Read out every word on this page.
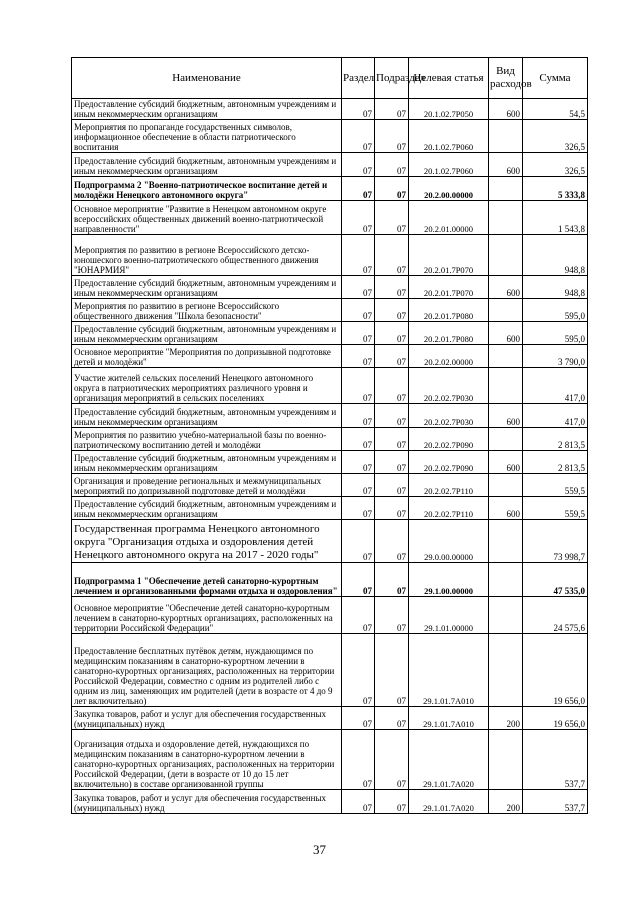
Наименование	Раздел	Подраздел	Целевая статья	Вид расходов	Сумма
Предоставление субсидий бюджетным, автономным учреждениям и иным некоммерческим организациям	07	07	20.1.02.7P050	600	54,5
Мероприятия по пропаганде государственных символов, информационное обеспечение в области патриотического воспитания	07	07	20.1.02.7P060		326,5
Предоставление субсидий бюджетным, автономным учреждениям и иным некоммерческим организациям	07	07	20.1.02.7P060	600	326,5
Подпрограмма 2 "Военно-патриотическое воспитание детей и молодёжи Ненецкого автономного округа"	07	07	20.2.00.00000		5 333,8
Основное мероприятие "Развитие в Ненецком автономном округе всероссийских общественных движений военно-патриотической направленности"	07	07	20.2.01.00000		1 543,8
Мероприятия по развитию в регионе Всероссийского детско-юношеского военно-патриотического общественного движения "ЮНАРМИЯ"	07	07	20.2.01.7P070		948,8
Предоставление субсидий бюджетным, автономным учреждениям и иным некоммерческим организациям	07	07	20.2.01.7P070	600	948,8
Мероприятия по развитию в регионе Всероссийского общественного движения "Школа безопасности"	07	07	20.2.01.7P080		595,0
Предоставление субсидий бюджетным, автономным учреждениям и иным некоммерческим организациям	07	07	20.2.01.7P080	600	595,0
Основное мероприятие "Мероприятия по допризывной подготовке детей и молодёжи"	07	07	20.2.02.00000		3 790,0
Участие жителей сельских поселений Ненецкого автономного округа в патриотических мероприятиях различного уровня и организация мероприятий в сельских поселениях	07	07	20.2.02.7P030		417,0
Предоставление субсидий бюджетным, автономным учреждениям и иным некоммерческим организациям	07	07	20.2.02.7P030	600	417,0
Мероприятия по развитию учебно-материальной базы по военно-патриотическому воспитанию детей и молодёжи	07	07	20.2.02.7P090		2 813,5
Предоставление субсидий бюджетным, автономным учреждениям и иным некоммерческим организациям	07	07	20.2.02.7P090	600	2 813,5
Организация и проведение региональных и межмуниципальных мероприятий по допризывной подготовке детей и молодёжи	07	07	20.2.02.7P110		559,5
Предоставление субсидий бюджетным, автономным учреждениям и иным некоммерческим организациям	07	07	20.2.02.7P110	600	559,5
Государственная программа Ненецкого автономного округа "Организация отдыха и оздоровления детей Ненецкого автономного округа на 2017 - 2020 годы"	07	07	29.0.00.00000		73 998,7
Подпрограмма 1 "Обеспечение детей санаторно-курортным лечением и организованными формами отдыха и оздоровления"	07	07	29.1.00.00000		47 535,0
Основное мероприятие "Обеспечение детей санаторно-курортным лечением в санаторно-курортных организациях, расположенных на территории Российской Федерации"	07	07	29.1.01.00000		24 575,6
Предоставление бесплатных путёвок детям, нуждающимся по медицинским показаниям в санаторно-курортном лечении в санаторно-курортных организациях, расположенных на территории Российской Федерации, совместно с одним из родителей либо с одним из лиц, заменяющих им родителей (дети в возрасте от 4 до 9 лет включительно)	07	07	29.1.01.7A010		19 656,0
Закупка товаров, работ и услуг для обеспечения государственных (муниципальных) нужд	07	07	29.1.01.7A010	200	19 656,0
Организация отдыха и оздоровление детей, нуждающихся по медицинским показаниям в санаторно-курортном лечении в санаторно-курортных организациях, расположенных на территории Российской Федерации, (дети в возрасте от 10 до 15 лет включительно) в составе организованной группы	07	07	29.1.01.7A020		537,7
Закупка товаров, работ и услуг для обеспечения государственных (муниципальных) нужд	07	07	29.1.01.7A020	200	537,7
37
